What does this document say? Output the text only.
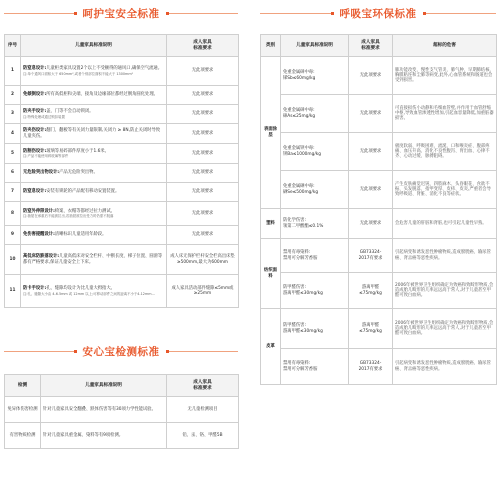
呵护宝安全标准
序号	儿童家具标准说明	成人家具
标准要求
1	防窒息设计:儿童柜类家具设置2个以上不受额得的通风口,确保空气流通。
注:单个通风口面积大于 650mm²,或者个别部位面积不能大于 1300mm²	无此项要求
2	免倾倒设计:所有高低柜和尖端、接角及边缘部位都经过倒角圆化处理。	无此项要求
3	防夹手设计:盖、门等不会自动锁闭。
注:特殊处理或通过锁扣装置	无此项要求
4	防夹伤设计:翻门、翻板等有关闭力量限制,关闭力 ≥ 8N,防止关闭时导致儿童夹伤。	无此项要求
5	防割伤设计:玻璃等易碎部件厚度小于1.6米。
注:产品不能使用碎玻璃等部件	无此项要求
6	无危险突出物设计:产品无危险突出物。	无此项要求
7	防窒息设计:安装有锁轮的产品配有移动安置装置。	无此项要求
8	防窒外伸限设计:椅案、衣帽等都经过拉力测试。
注:抽屉在承重后不能被拉出,若抽屉被拉出受力时仍需不脱落	无此项要求
9	免伤害提醒设计:清晰标识儿童适用年龄段。	无此项要求
10	高低床防跌落设计:儿童高低床对安全栏杆、中断长度、梯子位置、圆滑等都有严格要求,保证儿童安全上下床。	成人床无保护栏杆安全栏高出床垫≥500mm,最大为600mm
11	防卡手设计:孔、缝隙均设计为比儿童大拇指大。
注:孔、缝隙大小由 4-6.5mm 或 12mm 以上;可移动部件之间的距离不小于4-12mm…	成人家具活动部件缝隙≤5mm或≥25mm
安心宝检测标准
检测	儿童家具标准说明	成人家具
标准要求
免异体伤害检测	针对儿童家具安全翻叠、跌体伤害等有30项力学性能试验。	无儿童检测项目
有害物质检测	针对儿童家具重金属、染料等有9项检测。	铅、汞、铬、甲醛5B
呼吸宝环保标准
类别	儿童家具标准说明	成人家具
标准要求	超标的危害
表面涂层	免重金属砷中毒:
锑Sb≤60mg/kg	无此项要求	肺功能改变、慢性支气管炎、肺气肿、早期肺结核、胸膜粘连和尘肺等病变,此外,心血管系统和肠道也会受到损害。
	免重金属砷中毒:
砷As≤25mg/kg	无此项要求	可直接损伤小动静和毛细血管壁,并作用于血管舒缩中枢,导致血管渗透性增加,引起血容量降低,加重脏器损害。
	免重金属钡中毒:
钡Ba≤1000mg/kg	无此项要求	极度软弱、呼吸困难、流涎、口和喉炎症、腹部疼痛、血压升高、消化不良性腹泻、胃出血、心律不齐、心动过缓、脉搏阻碍。
	免重金属硒中毒:
硒Se≤500mg/kg	无此项要求	产生皮肤痛觉迟钝、四肢麻木、头昏眼花、食欲不振、头发脱落、指甲变厚、皮疹、皮炎,严重者会导致呼吸道、肾脏、消化不良等症状。
塑料	防化学伤害:
领第二甲酸酯≤0.1%	无此项要求	会危害儿童的肝脏和肾脏,也可引起儿童性早熟。
纺织面料	禁用有毒染料:
禁用可分解芳香胺	GB73324-
2017有要求	引起病变和诱发恶性肿瘤物质,造成膀胱癌、输尿管癌、肾盂癌等恶性疾病。
	防甲醛伤害:
游离甲醛≤30mg/kg	游离甲醛
≤75mg/kg	2006年被世界卫生组织确定为致癌和致畸形物质,会造成胎儿畸形的几率远远高于常人,对于儿童甚至甲醛可致白血病。
皮革	防甲醛伤害:
游离甲醛≤30mg/kg	游离甲醛
≤75mg/kg	2006年被世界卫生组织确定为致癌和致畸形物质,会造成胎儿畸形的几率远远高于常人,对于儿童甚至甲醛可致白血病。
	禁用有毒染料:
禁用可分解芳香胺	GB73324-
2017有要求	引起病变和诱发恶性肿瘤物质,造成膀胱癌、输尿管癌、肾盂癌等恶性疾病。
